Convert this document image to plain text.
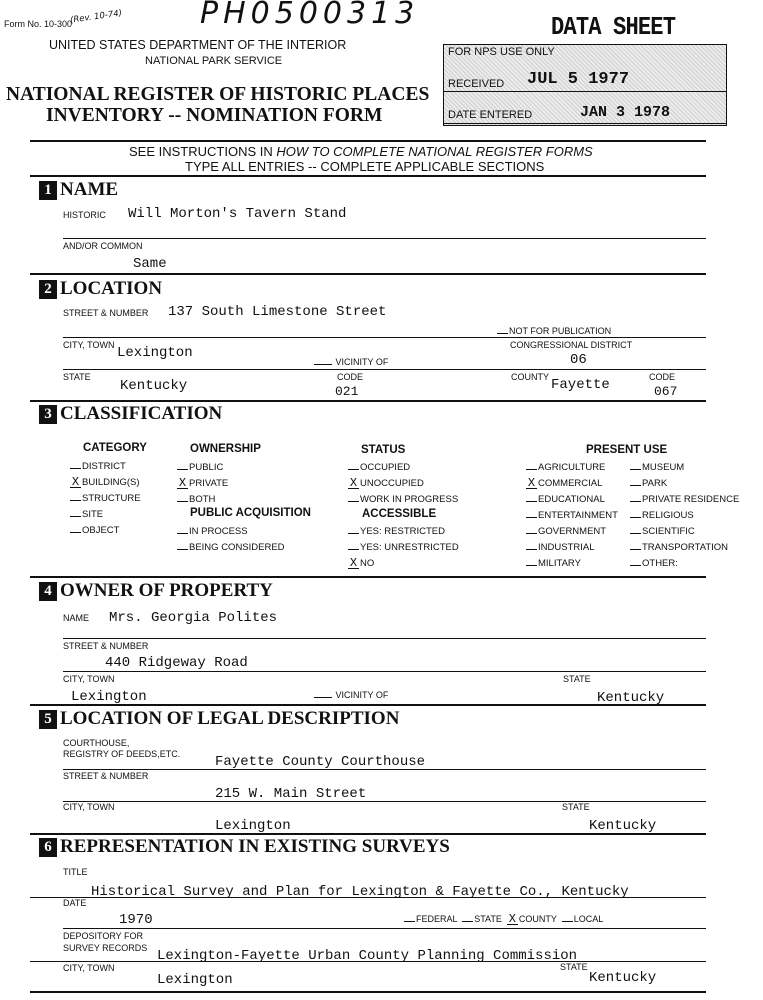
Form No. 10-300
(Rev. 10-74)	PH0500313
UNITED STATES DEPARTMENT OF THE INTERIOR
NATIONAL PARK SERVICE
NATIONAL REGISTER OF HISTORIC PLACES
INVENTORY -- NOMINATION FORM
DATA SHEET
FOR NPS USE ONLY
RECEIVED JUL 5 1977
DATE ENTERED	JAN 3 1978
SEE INSTRUCTIONS IN HOW TO COMPLETE NATIONAL REGISTER FORMS
TYPE ALL ENTRIES -- COMPLETE APPLICABLE SECTIONS
1 NAME
HISTORIC Will Morton's Tavern Stand
AND/OR COMMON
Same
2 LOCATION
STREET & NUMBER 137 South Limestone Street
NOT FOR PUBLICATION
CITY, TOWN Lexington
VICINITY OF
CONGRESSIONAL DISTRICT
06
STATE
Kentucky
CODE
021
COUNTY Fayette	CODE
067
3 CLASSIFICATION
CATEGORY
DISTRICT
X BUILDING(S)
STRUCTURE
SITE
OBJECT
OWNERSHIP
PUBLIC
X PRIVATE
BOTH
PUBLIC ACQUISITION
IN PROCESS
BEING CONSIDERED
STATUS
OCCUPIED
X UNOCCUPIED
WORK IN PROGRESS
ACCESSIBLE
YES: RESTRICTED
YES: UNRESTRICTED
X NO
PRESENT USE
AGRICULTURE
X COMMERCIAL
EDUCATIONAL
ENTERTAINMENT
GOVERNMENT
INDUSTRIAL
MILITARY
MUSEUM
PARK
PRIVATE RESIDENCE
RELIGIOUS
SCIENTIFIC
TRANSPORTATION
OTHER:
4 OWNER OF PROPERTY
NAME Mrs. Georgia Polites
STREET & NUMBER
440 Ridgeway Road
CITY, TOWN
Lexington	VICINITY OF
STATE
Kentucky
5 LOCATION OF LEGAL DESCRIPTION
COURTHOUSE,
REGISTRY OF DEEDS,ETC. Fayette County Courthouse
STREET & NUMBER
215 W. Main Street
CITY, TOWN
Lexington
STATE
Kentucky
6 REPRESENTATION IN EXISTING SURVEYS
TITLE
Historical Survey and Plan for Lexington & Fayette Co., Kentucky
DATE
1970	FEDERAL STATE X COUNTY LOCAL
DEPOSITORY FOR
SURVEY RECORDS Lexington-Fayette Urban County Planning Commission
CITY, TOWN
Lexington
STATE
Kentucky
